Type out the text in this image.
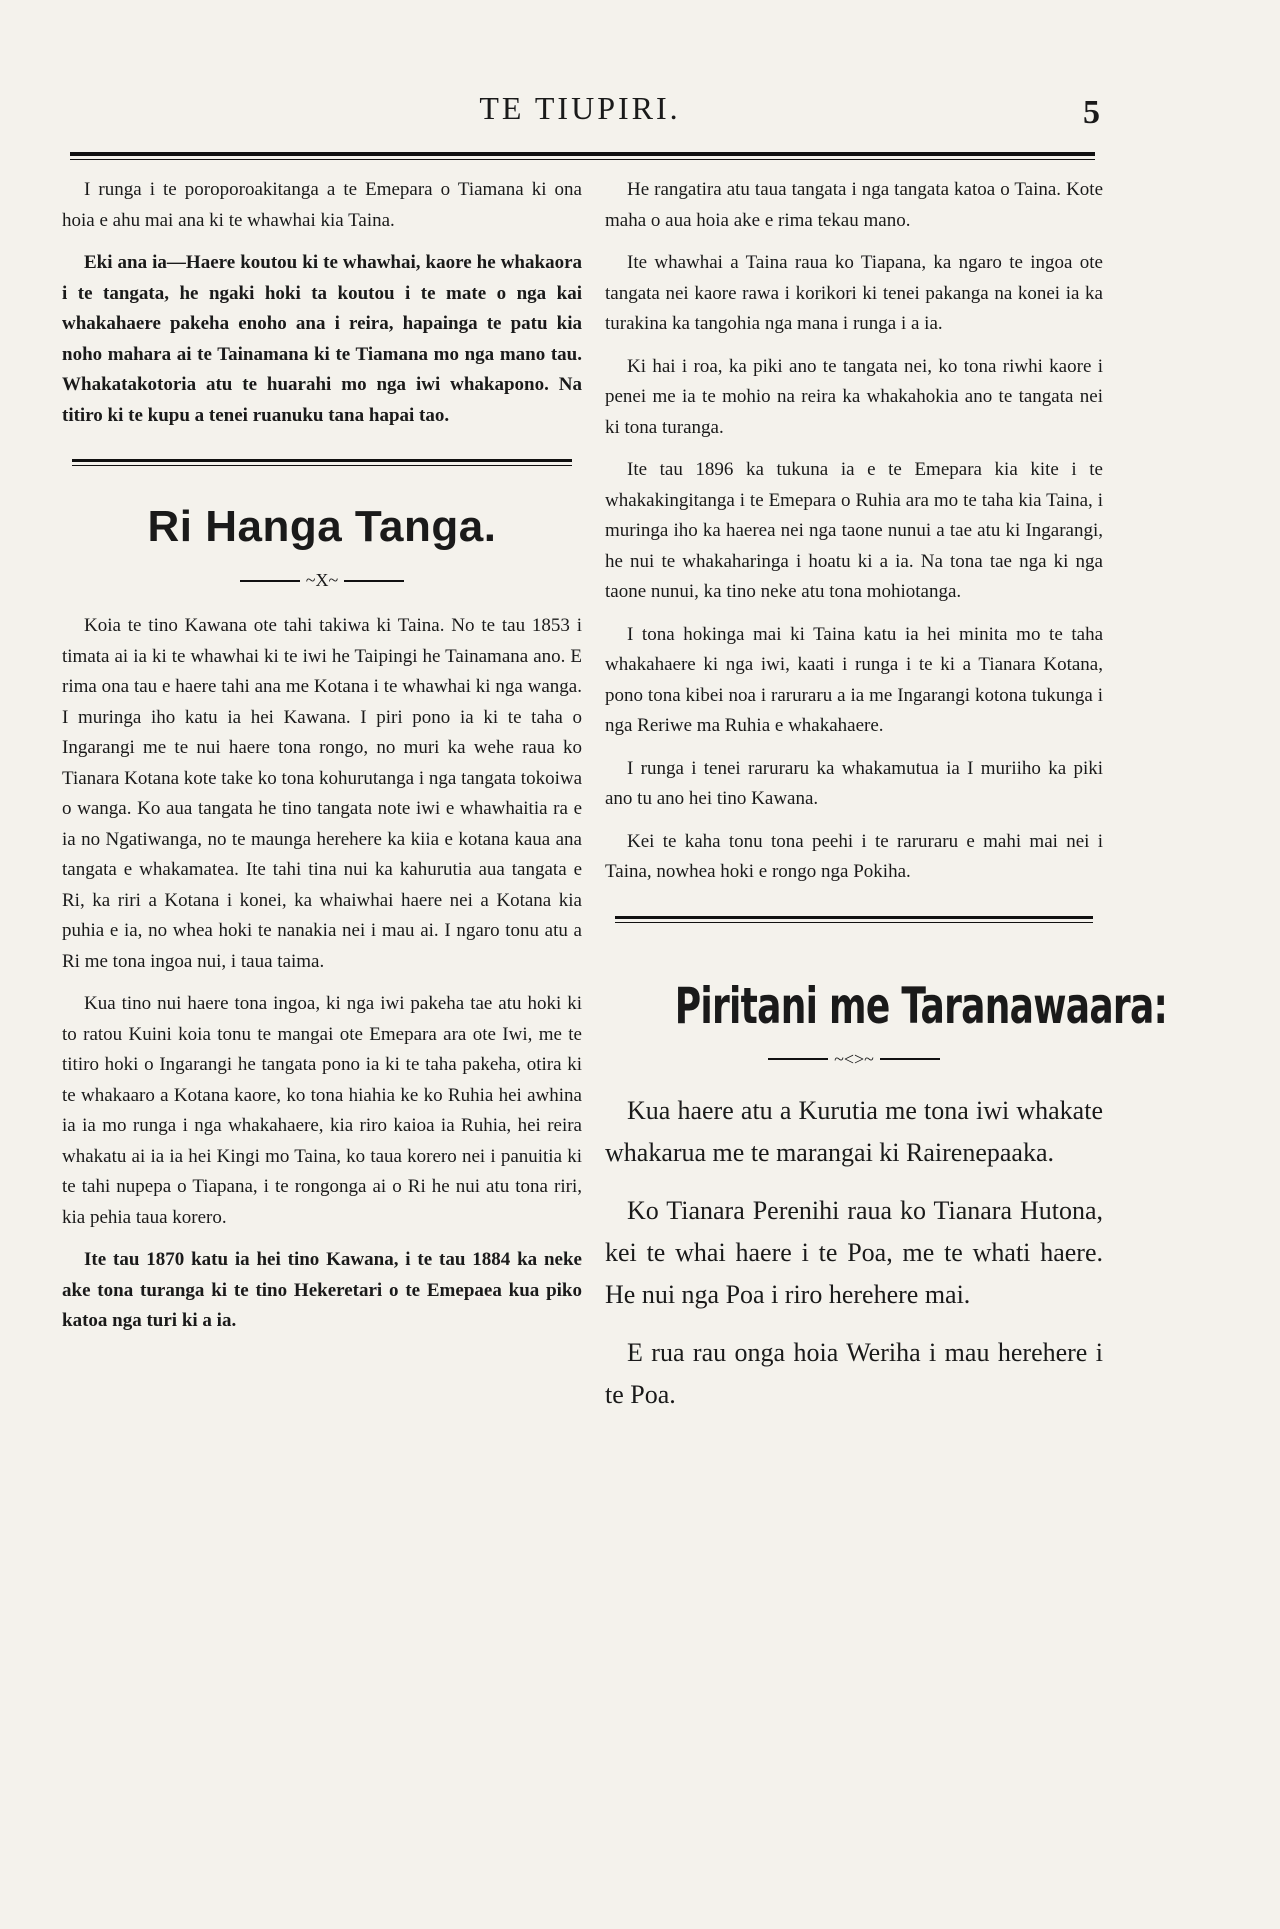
TE TIUPIRI.	5

I runga i te poroporoakitanga a te Emepara o Tiamana ki ona hoia e ahu mai ana ki te whawhai kia Taina.

Eki ana ia—Haere koutou ki te whawhai, kaore he whakaora i te tangata, he ngaki hoki ta koutou i te mate o nga kai whakahaere pakeha enoho ana i reira, hapainga te patu kia noho mahara ai te Tainamana ki te Tiamana mo nga mano tau. Whakatakotoria atu te huarahi mo nga iwi whakapono. Na titiro ki te kupu a tenei ruanuku tana hapai tao.

Ri Hanga Tanga.
~X~

Koia te tino Kawana ote tahi takiwa ki Taina. No te tau 1853 i timata ai ia ki te whawhai ki te iwi he Taipingi he Tainamana ano. E rima ona tau e haere tahi ana me Kotana i te whawhai ki nga wanga. I muringa iho katu ia hei Kawana. I piri pono ia ki te taha o Ingarangi me te nui haere tona rongo, no muri ka wehe raua ko Tianara Kotana kote take ko tona kohurutanga i nga tangata tokoiwa o wanga. Ko aua tangata he tino tangata note iwi e whawhaitia ra e ia no Ngatiwanga, no te maunga herehere ka kiia e kotana kaua ana tangata e whakamatea. Ite tahi tina nui ka kahurutia aua tangata e Ri, ka riri a Kotana i konei, ka whaiwhai haere nei a Kotana kia puhia e ia, no whea hoki te nanakia nei i mau ai. I ngaro tonu atu a Ri me tona ingoa nui, i taua taima.

Kua tino nui haere tona ingoa, ki nga iwi pakeha tae atu hoki ki to ratou Kuini koia tonu te mangai ote Emepara ara ote Iwi, me te titiro hoki o Ingarangi he tangata pono ia ki te taha pakeha, otira ki te whakaaro a Kotana kaore, ko tona hiahia ke ko Ruhia hei awhina ia ia mo runga i nga whakahaere, kia riro kaioa ia Ruhia, hei reira whakatu ai ia ia hei Kingi mo Taina, ko taua korero nei i panuitia ki te tahi nupepa o Tiapana, i te rongonga ai o Ri he nui atu tona riri, kia pehia taua korero.

Ite tau 1870 katu ia hei tino Kawana, i te tau 1884 ka neke ake tona turanga ki te tino Hekeretari o te Emepaea kua piko katoa nga turi ki a ia.

He rangatira atu taua tangata i nga tangata katoa o Taina. Kote maha o aua hoia ake e rima tekau mano.

Ite whawhai a Taina raua ko Tiapana, ka ngaro te ingoa ote tangata nei kaore rawa i korikori ki tenei pakanga na konei ia ka turakina ka tangohia nga mana i runga i a ia.

Ki hai i roa, ka piki ano te tangata nei, ko tona riwhi kaore i penei me ia te mohio na reira ka whakahokia ano te tangata nei ki tona turanga.

Ite tau 1896 ka tukuna ia e te Emepara kia kite i te whakakingitanga i te Emepara o Ruhia ara mo te taha kia Taina, i muringa iho ka haerea nei nga taone nunui a tae atu ki Ingarangi, he nui te whakaharinga i hoatu ki a ia. Na tona tae nga ki nga taone nunui, ka tino neke atu tona mohiotanga.

I tona hokinga mai ki Taina katu ia hei minita mo te taha whakahaere ki nga iwi, kaati i runga i te ki a Tianara Kotana, pono tona kibei noa i raruraru a ia me Ingarangi kotona tukunga i nga Reriwe ma Ruhia e whakahaere.

I runga i tenei raruraru ka whakamutua ia I muriiho ka piki ano tu ano hei tino Kawana.

Kei te kaha tonu tona peehi i te raruraru e mahi mai nei i Taina, nowhea hoki e rongo nga Pokiha.

Piritani me Taranawaara:
~<>~

Kua haere atu a Kurutia me tona iwi whakate whakarua me te marangai ki Rairenepaaka.

Ko Tianara Perenihi raua ko Tianara Hutona, kei te whai haere i te Poa, me te whati haere. He nui nga Poa i riro herehere mai.

E rua rau onga hoia Weriha i mau herehere i te Poa.
